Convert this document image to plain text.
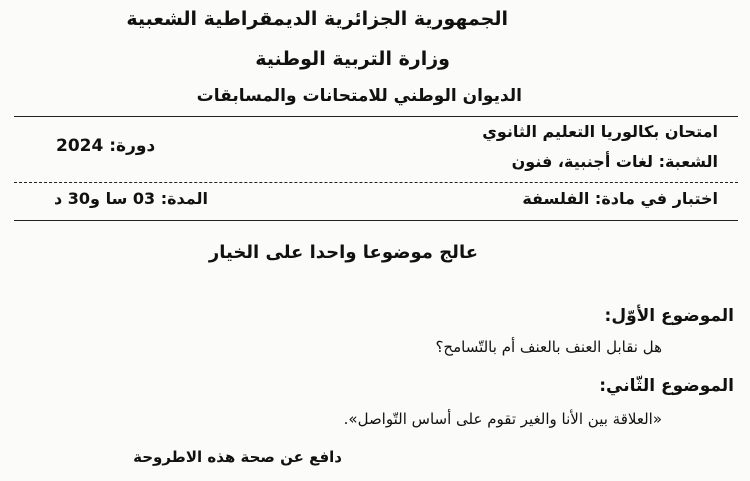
الجمهورية الجزائرية الديمقراطية الشعبية
وزارة التربية الوطنية
الديوان الوطني للامتحانات والمسابقات
امتحان بكالوريا التعليم الثانوي
دورة: 2024
الشعبة: لغات أجنبية، فنون
اختبار في مادة: الفلسفة
المدة: 03 سا و30 د
عالج موضوعا واحدا على الخيار
الموضوع الأوّل:
هل نقابل العنف بالعنف أم بالتّسامح؟
الموضوع الثّاني:
«العلاقة بين الأنا والغير تقوم على أساس التّواصل».
دافع عن صحة هذه الاطروحة
